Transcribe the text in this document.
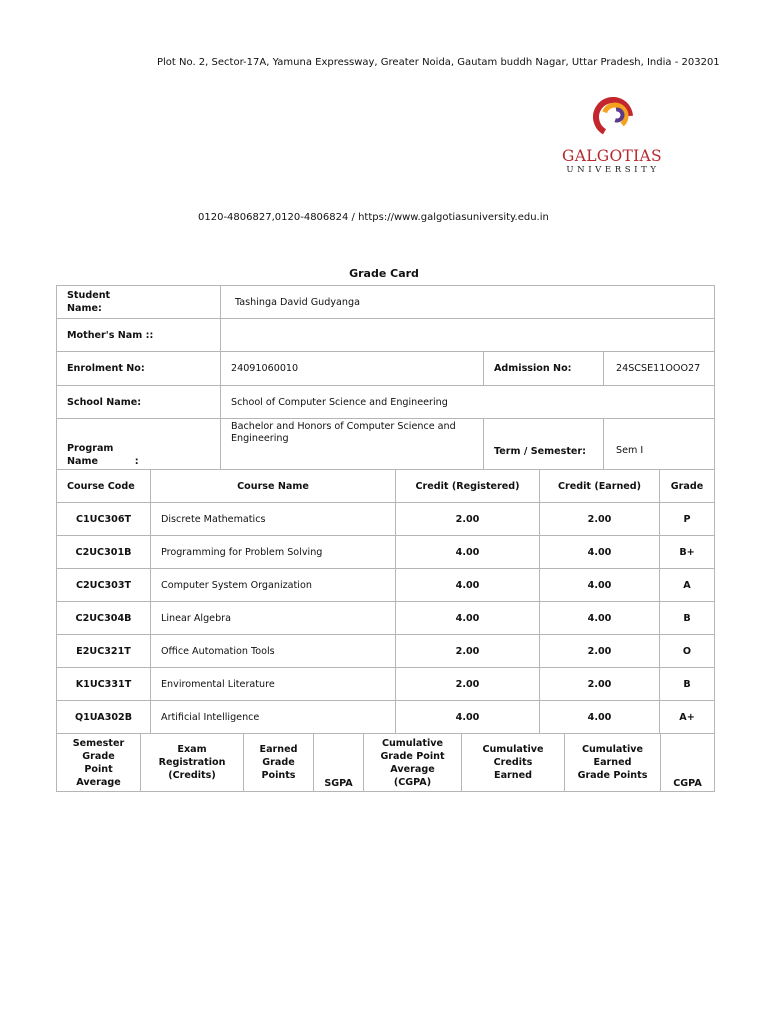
Plot No. 2, Sector-17A, Yamuna Expressway, Greater Noida, Gautam buddh Nagar, Uttar Pradesh, India - 203201
GALGOTIAS
UNIVERSITY
0120-4806827,0120-4806824 / https://www.galgotiasuniversity.edu.in
Grade Card
Student
Name:	Tashinga David Gudyanga		
Mother's Nam ::			
Enrolment No:	24091060010	Admission No:	24SCSE11OOO27
School Name:	School of Computer Science and Engineering		
Program
Name           :	Bachelor and Honors of Computer Science and Engineering	Term / Semester:	Sem I
Course Code	Course Name	Credit (Registered)	Credit (Earned)	Grade
C1UC306T	Discrete Mathematics	2.00	2.00	P
C2UC301B	Programming for Problem Solving	4.00	4.00	B+
C2UC303T	Computer System Organization	4.00	4.00	A
C2UC304B	Linear Algebra	4.00	4.00	B
E2UC321T	Office Automation Tools	2.00	2.00	O
K1UC331T	Enviromental Literature	2.00	2.00	B
Q1UA302B	Artificial Intelligence	4.00	4.00	A+
Semester
Grade
Point
Average	Exam
Registration
(Credits)	Earned
Grade
Points	SGPA	Cumulative
Grade Point
Average
(CGPA)	Cumulative
Credits
Earned	Cumulative
Earned
Grade Points	CGPA
